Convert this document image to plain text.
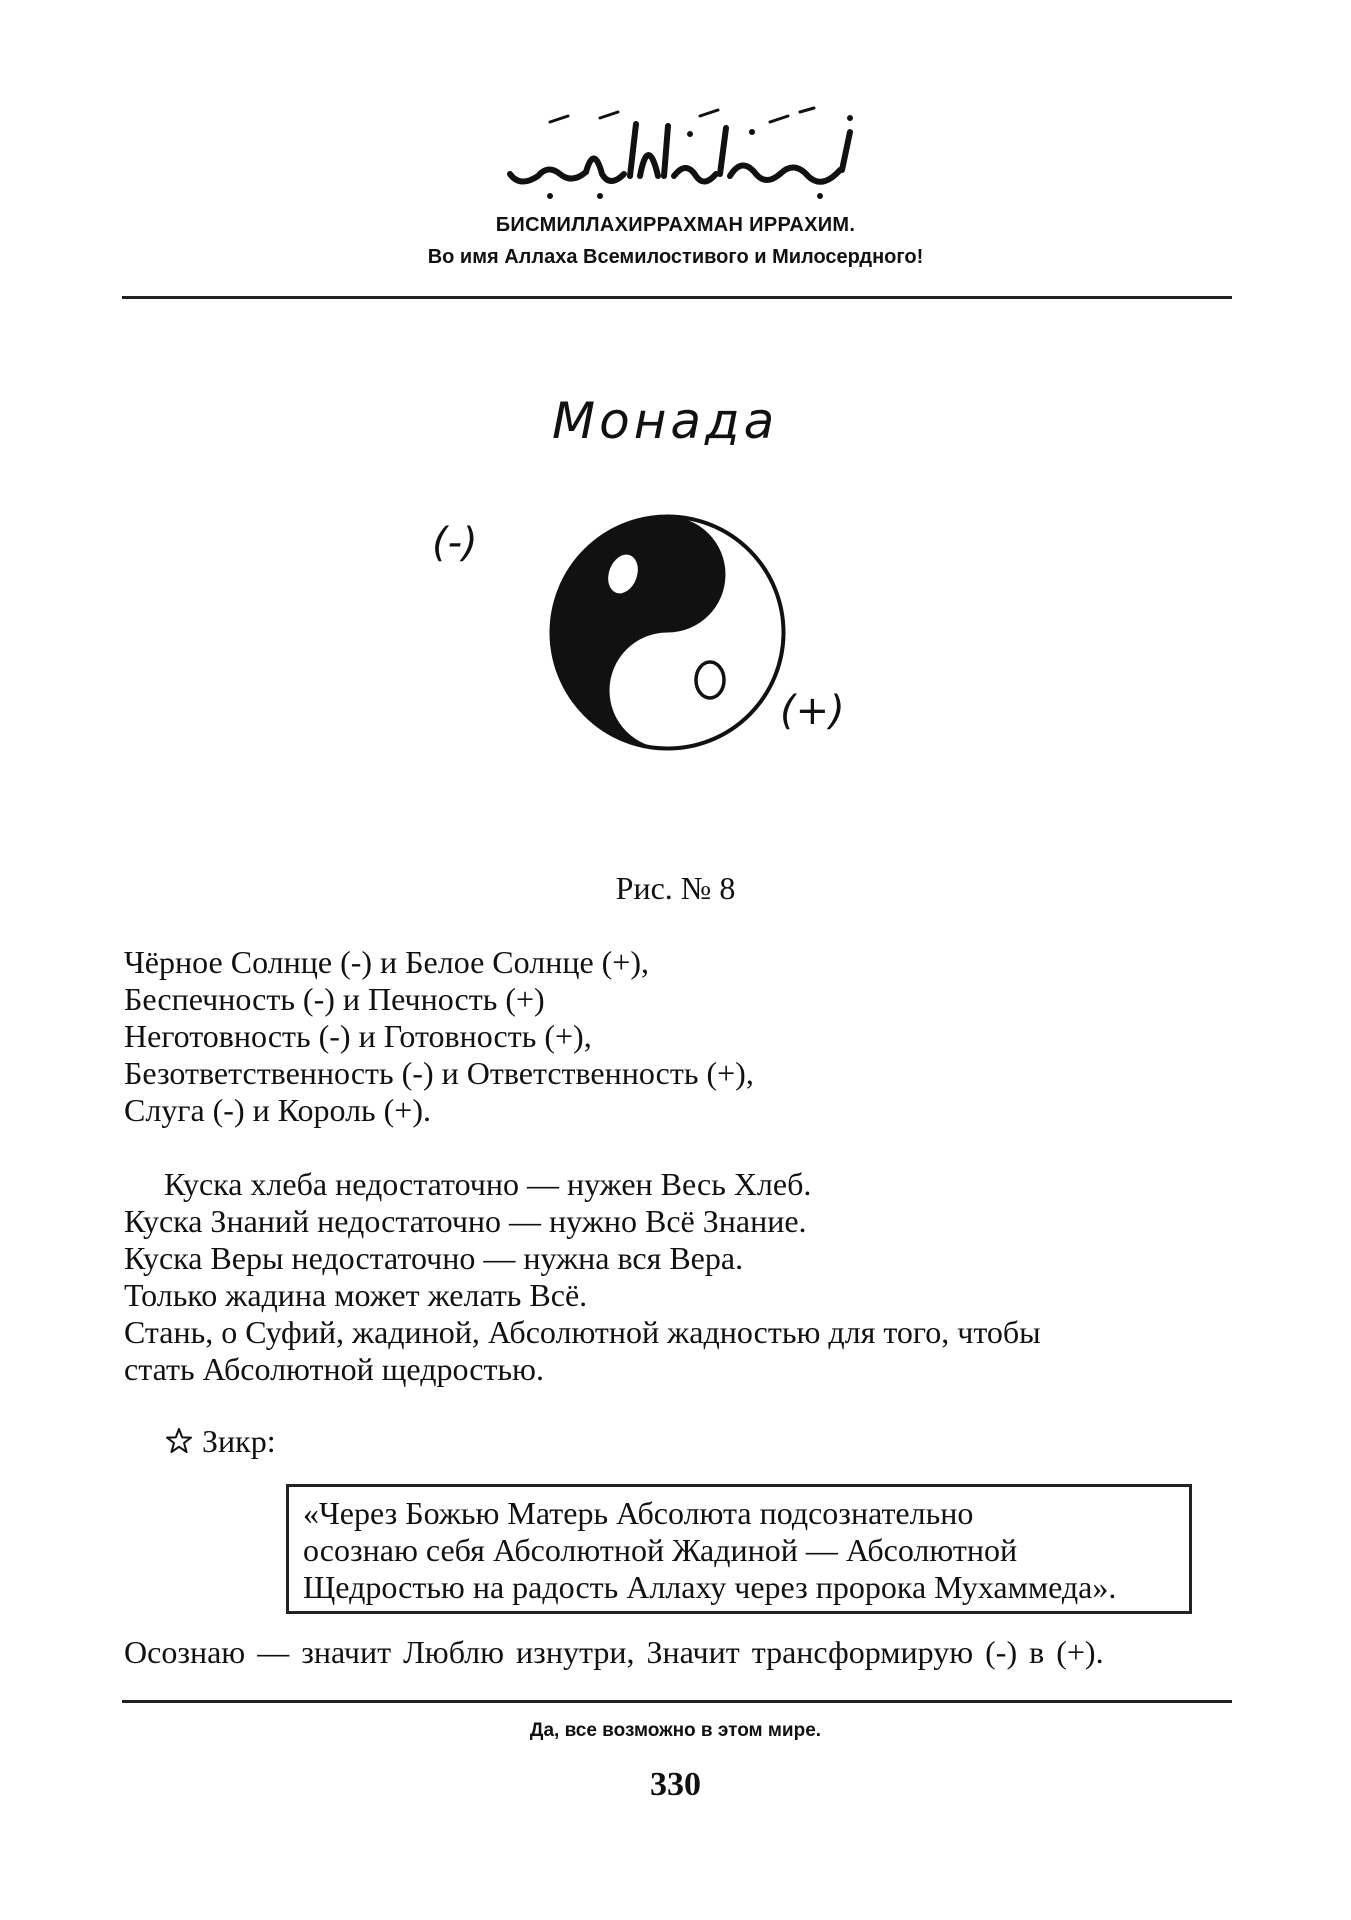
БИСМИЛЛАХИРРАХМАН ИРРАХИМ.
Во имя Аллаха Всемилостивого и Милосердного!
Монада
(-)
(+)
Рис. № 8
Чёрное Солнце (-) и Белое Солнце (+),
Беспечность (-) и Печность (+)
Неготовность (-) и Готовность (+),
Безответственность (-) и Ответственность (+),
Слуга (-) и Король (+).
Куска хлеба недостаточно — нужен Весь Хлеб.
Куска Знаний недостаточно — нужно Всё Знание.
Куска Веры недостаточно — нужна вся Вера.
Только жадина может желать Всё.
Стань, о Суфий, жадиной, Абсолютной жадностью для того, чтобы
стать Абсолютной щедростью.
Зикр:
«Через Божью Матерь Абсолюта подсознательно
осознаю себя Абсолютной Жадиной — Абсолютной
Щедростью на радость Аллаху через пророка Мухаммеда».
Осознаю — значит Люблю изнутри, Значит трансформирую (-) в (+).
Да, все возможно в этом мире.
330
